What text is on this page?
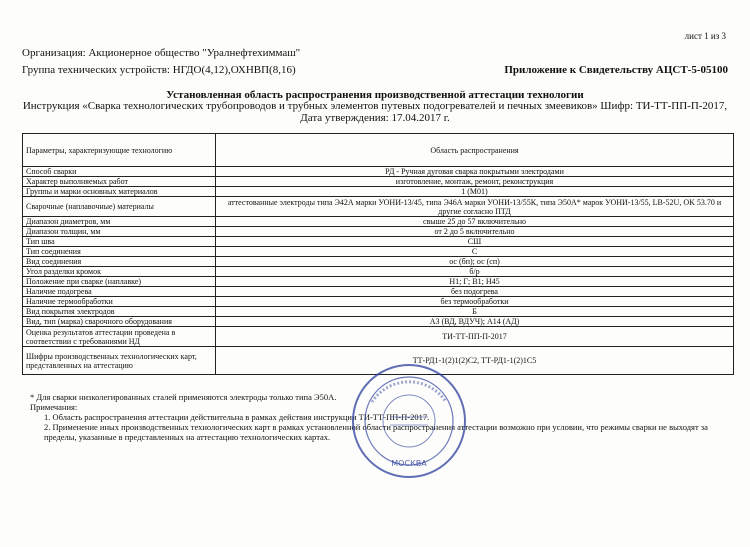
лист 1 из 3
Организация: Акционерное общество "Уралнефтехиммаш"
Группа технических устройств: НГДО(4,12),ОХНВП(8,16)	Приложение к Свидетельству АЦСТ-5-05100
Установленная область распространения производственной аттестации технологии
Инструкция «Сварка технологических трубопроводов и трубных элементов путевых подогревателей и печных змеевиков» Шифр: ТИ-ТТ-ПП-П-2017, Дата утверждения: 17.04.2017 г.
Параметры, характеризующие технологию	Область распространения
Способ сварки	РД - Ручная дуговая сварка покрытыми электродами
Характер выполняемых работ	изготовление, монтаж, ремонт, реконструкция
Группы и марки основных материалов	1 (М01)
Сварочные (наплавочные) материалы	аттестованные электроды типа Э42А марки УОНИ-13/45, типа Э46А марки УОНИ-13/55К, типа Э50А* марок УОНИ-13/55, LB-52U, OK 53.70 и другие согласно ПТД
Диапазон диаметров, мм	свыше 25 до 57 включительно
Диапазон толщин, мм	от 2 до 5 включительно
Тип шва	СШ
Тип соединения	С
Вид соединения	ос (бп); ос (сп)
Угол разделки кромок	б/р
Положение при сварке (наплавке)	Н1; Г; В1; Н45
Наличие подогрева	без подогрева
Наличие термообработки	без термообработки
Вид покрытия электродов	Б
Вид, тип (марка) сварочного оборудования	А3 (ВД, ВДУЧ); А14 (АД)
Оценка результатов аттестации проведена в соответствии с требованиями НД	ТИ-ТТ-ПП-П-2017
Шифры производственных технологических карт, представленных на аттестацию	ТТ-РД1-1(2)1(2)С2, ТТ-РД1-1(2)1С5

* Для сварки низколегированных сталей применяются электроды только типа Э50А.

Примечания:

1. Область распространения аттестации действительна в рамках действия инструкции ТИ-ТТ-ПП-П-2017.

2. Применение иных производственных технологических карт в рамках установленной области распространения аттестации возможно при условии, что режимы сварки не выходят за пределы, указанные в представленных на аттестацию технологических картах.

МОСКВА
